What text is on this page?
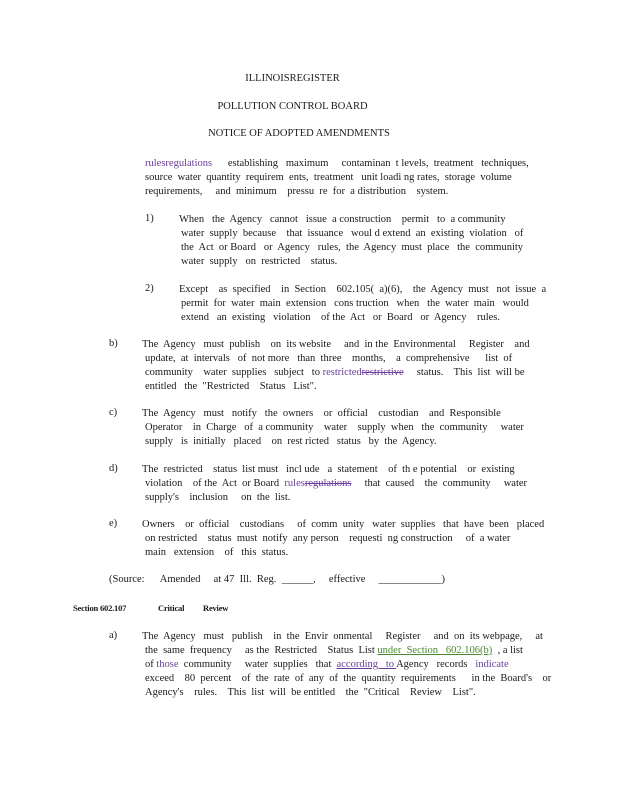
ILLINOISREGISTER
POLLUTION CONTROL BOARD
NOTICE OF ADOPTED AMENDMENTS
rulesregulations      establishing   maximum     contaminan  t levels,  treatment   techniques,
source  water  quantity  requirem  ents,  treatment   unit loadi ng rates,  storage  volume
requirements,     and  minimum    pressu  re  for  a distribution    system.
1) When   the  Agency   cannot   issue  a construction    permit   to  a community
water  supply  because    that  issuance   woul d extend  an  existing  violation   of
the  Act  or Board   or  Agency   rules,  the  Agency  must  place   the  community
water  supply   on  restricted    status.
2) Except    as  specified    in  Section    602.105(  a)(6),    the  Agency  must   not  issue  a
permit  for  water  main  extension   cons truction   when   the  water  main   would
extend   an  existing   violation    of the  Act   or  Board   or  Agency    rules.
b) The  Agency   must  publish    on  its website     and  in the  Environmental     Register    and
update,  at  intervals   of  not more   than  three    months,    a  comprehensive      list  of
community    water  supplies   subject   to restrictedrestrictive     status.    This  list  will be
entitled   the  "Restricted    Status   List".
c) The  Agency   must   notify   the  owners    or  official    custodian    and  Responsible
Operator    in  Charge   of  a community    water    supply  when   the  community     water
supply   is  initially   placed    on  rest ricted   status   by  the  Agency.
d) The  restricted    status  list must   incl ude   a  statement    of  th e potential    or  existing
violation    of the  Act  or Board  rulesregulations     that  caused    the  community     water
supply's    inclusion     on  the  list.
e) Owners    or  official    custodians     of  comm  unity   water  supplies   that  have  been   placed
on restricted    status  must  notify  any person    requesti  ng construction     of  a water
main   extension    of   this  status.
(Source:      Amended     at 47  Ill.  Reg.  ______,     effective     ____________)
Section 602.107	Critical Review
a) The  Agency   must   publish    in  the  Envir  onmental     Register     and  on  its webpage,     at
the  same  frequency     as the  Restricted    Status  List under  Section   602.106(b)  , a list
of those  community     water  supplies   that  according   to Agency   records   indicate
exceed    80  percent    of  the  rate  of  any  of  the  quantity  requirements      in the  Board's    or
Agency's    rules.    This  list  will  be entitled    the  "Critical    Review    List".
